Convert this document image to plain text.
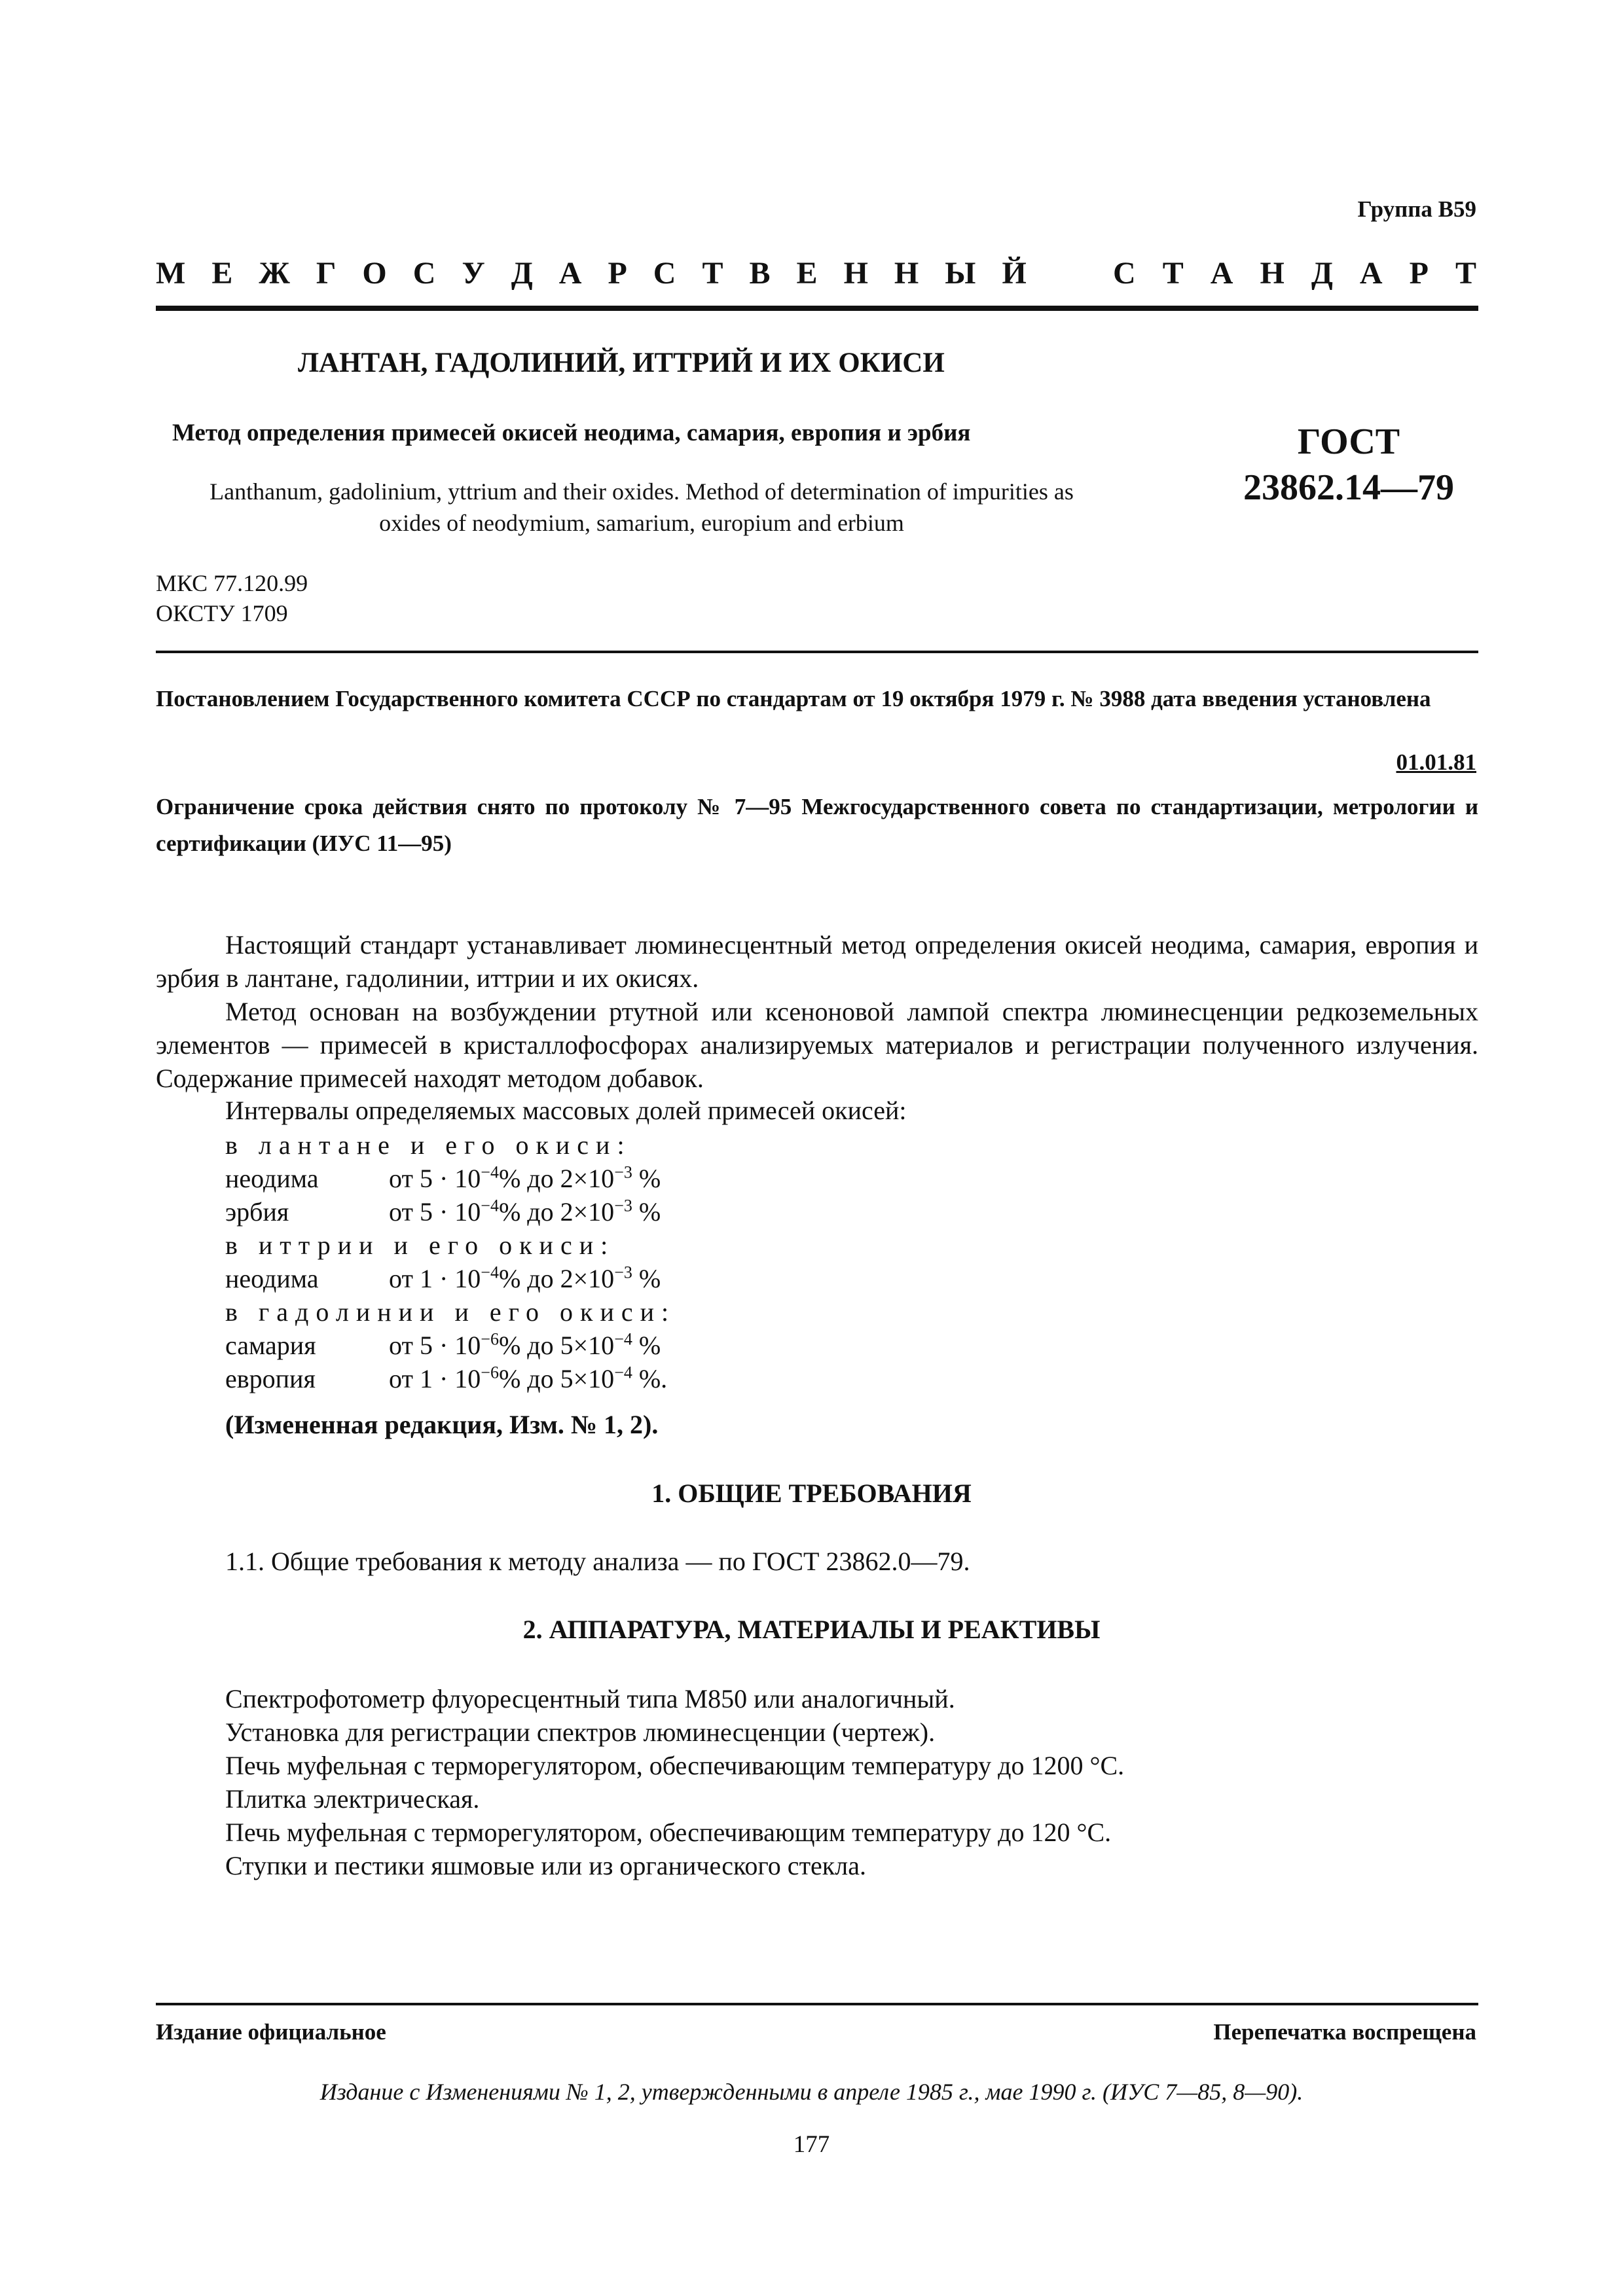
Группа В59
М Е Ж Г О С У Д А Р С Т В Е Н Н Ы Й	С Т А Н Д А Р Т
ЛАНТАН, ГАДОЛИНИЙ, ИТТРИЙ И ИХ ОКИСИ
Метод определения примесей окисей неодима, самария, европия и эрбия	ГОСТ
23862.14—79
Lanthanum, gadolinium, yttrium and their oxides. Method of determination of impurities as oxides of neodymium, samarium, europium and erbium
МКС 77.120.99
ОКСТУ 1709
Постановлением Государственного комитета СССР по стандартам от 19 октября 1979 г. № 3988 дата введения установлена
01.01.81
Ограничение срока действия снято по протоколу № 7—95 Межгосударственного совета по стандартизации, метрологии и сертификации (ИУС 11—95)
Настоящий стандарт устанавливает люминесцентный метод определения окисей неодима, самария, европия и эрбия в лантане, гадолинии, иттрии и их окисях.
Метод основан на возбуждении ртутной или ксеноновой лампой спектра люминесценции редкоземельных элементов — примесей в кристаллофосфорах анализируемых материалов и регистрации полученного излучения. Содержание примесей находят методом добавок.
Интервалы определяемых массовых долей примесей окисей:
в лантане и его окиси:
неодима	от $5 \cdot 10^{-4}\%$ до $2\times 10^{-3}$ %
эрбия	от $5 \cdot 10^{-4}\%$ до $2\times 10^{-3}$ %
в иттрии и его окиси:
неодима	от $1 \cdot 10^{-4}\%$ до $2\times 10^{-3}$ %
в гадолинии и его окиси:
самария	от $5 \cdot 10^{-6}\%$ до $5\times 10^{-4}$ %
европия	от $1 \cdot 10^{-6}\%$ до $5\times 10^{-4}$ %.
(Измененная редакция, Изм. № 1, 2).
1. ОБЩИЕ ТРЕБОВАНИЯ
1.1. Общие требования к методу анализа — по ГОСТ 23862.0—79.
2. АППАРАТУРА, МАТЕРИАЛЫ И РЕАКТИВЫ
Спектрофотометр флуоресцентный типа М850 или аналогичный.
Установка для регистрации спектров люминесценции (чертеж).
Печь муфельная с терморегулятором, обеспечивающим температуру до 1200 °С.
Плитка электрическая.
Печь муфельная с терморегулятором, обеспечивающим температуру до 120 °С.
Ступки и пестики яшмовые или из органического стекла.
Издание официальное	Перепечатка воспрещена
Издание с Изменениями № 1, 2, утвержденными в апреле 1985 г., мае 1990 г. (ИУС 7—85, 8—90).
177
